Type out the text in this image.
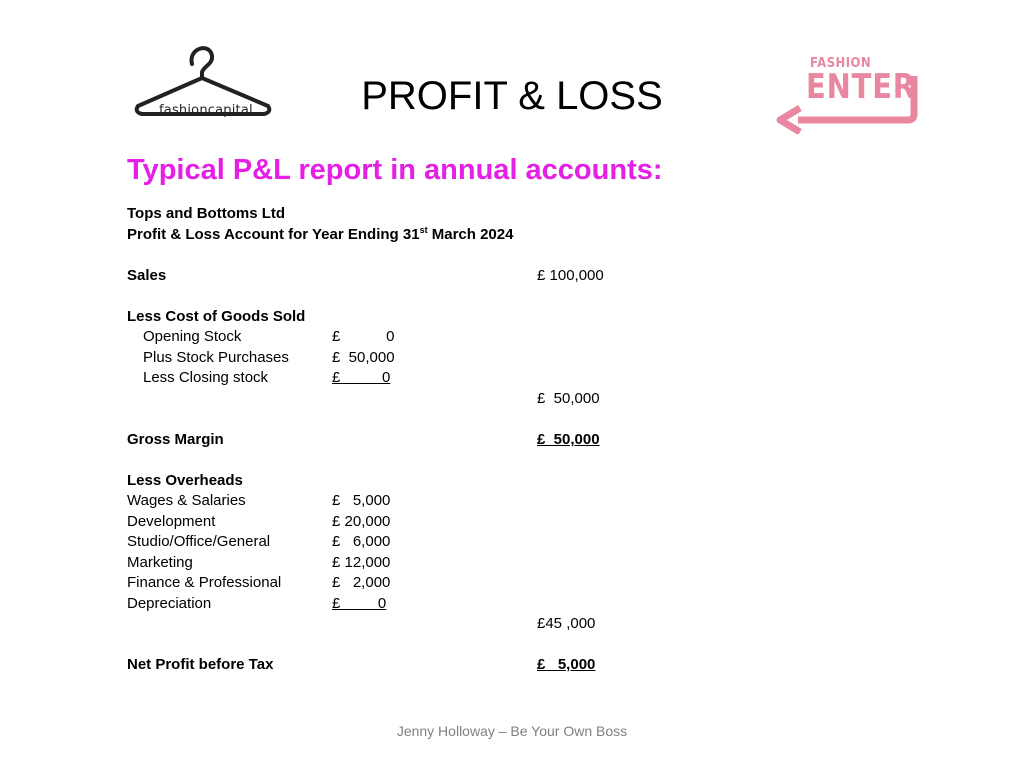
fashioncapital	PROFIT & LOSS
FASHION
ENTER
Typical P&L report in annual accounts:
Tops and Bottoms Ltd
Profit & Loss Account for Year Ending 31st March 2024
Sales	£ 100,000
Less Cost of Goods Sold
Opening Stock	£           0
Plus Stock Purchases	£  50,000
Less Closing stock	£          0
£  50,000
Gross Margin	£  50,000
Less Overheads
Wages & Salaries	£   5,000
Development	£ 20,000
Studio/Office/General	£   6,000
Marketing	£ 12,000
Finance & Professional	£   2,000
Depreciation	£         0
£45 ,000
Net Profit before Tax	£   5,000
Jenny Holloway – Be Your Own Boss
